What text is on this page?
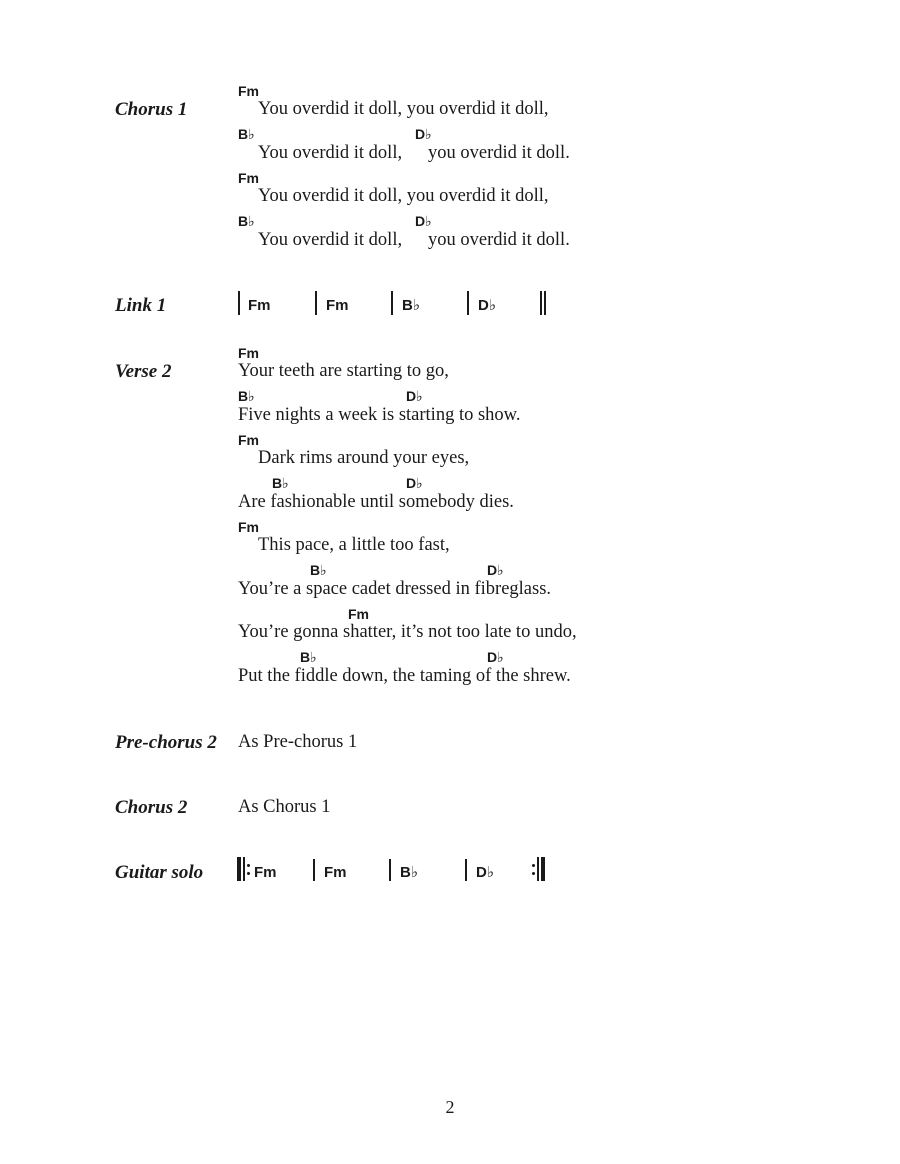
Chorus 1
Fm
You overdid it doll, you overdid it doll,
B♭	D♭
You overdid it doll, you overdid it doll.
Fm
You overdid it doll, you overdid it doll,
B♭	D♭
You overdid it doll, you overdid it doll.
Link 1	Fm	Fm	B♭	D♭
Verse 2
Fm
Your teeth are starting to go,
B♭	D♭
Five nights a week is starting to show.
Fm
Dark rims around your eyes,
B♭	D♭
Are fashionable until somebody dies.
Fm
This pace, a little too fast,
B♭	D♭
You’re a space cadet dressed in fibreglass.
Fm
You’re gonna shatter, it’s not too late to undo,
B♭	D♭
Put the fiddle down, the taming of the shrew.
Pre-chorus 2 As Pre-chorus 1
Chorus 2	As Chorus 1
Guitar solo	Fm	Fm	B♭	D♭
2
